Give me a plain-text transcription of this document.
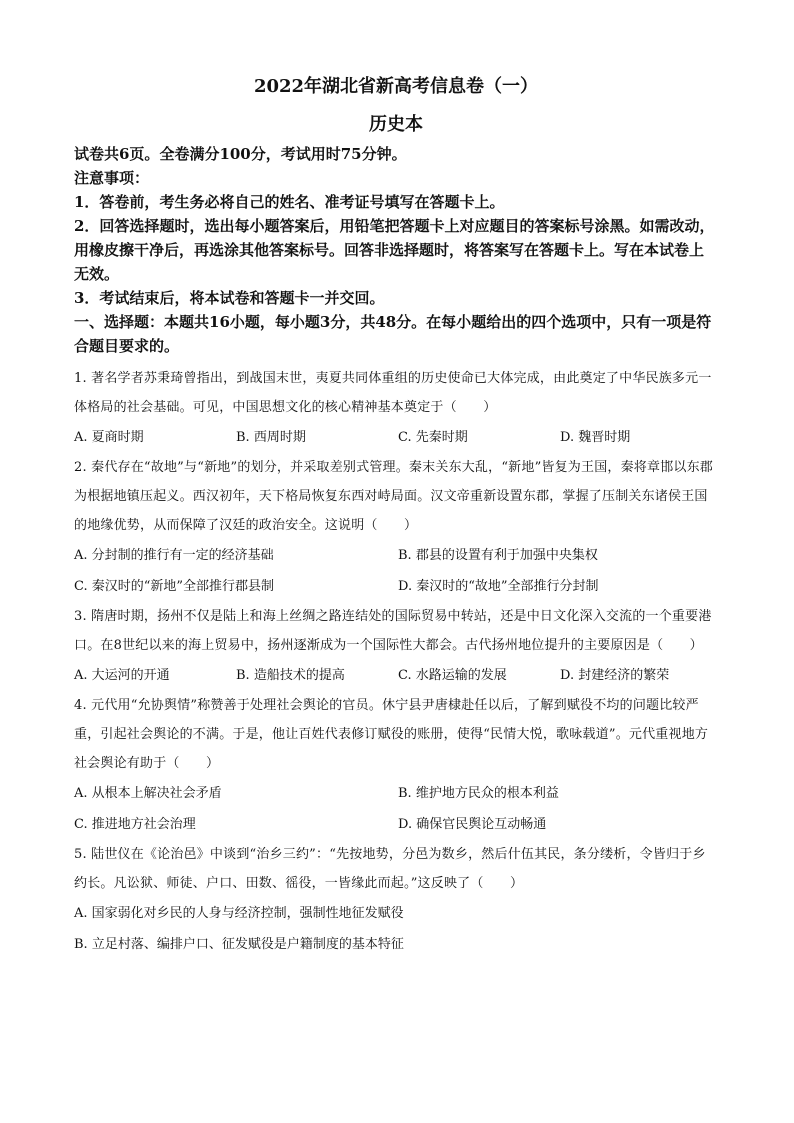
2022年湖北省新高考信息卷（一）
历史本

试卷共6页。全卷满分100分，考试用时75分钟。

注意事项：

1．答卷前，考生务必将自己的姓名、准考证号填写在答题卡上。

2．回答选择题时，选出每小题答案后，用铅笔把答题卡上对应题目的答案标号涂黑。如需改动，用橡皮擦干净后，再选涂其他答案标号。回答非选择题时，将答案写在答题卡上。写在本试卷上无效。

3．考试结束后，将本试卷和答题卡一并交回。

一、选择题：本题共16小题，每小题3分，共48分。在每小题给出的四个选项中，只有一项是符合题目要求的。

1. 著名学者苏秉琦曾指出，到战国末世，夷夏共同体重组的历史使命已大体完成，由此奠定了中华民族多元一体格局的社会基础。可见，中国思想文化的核心精神基本奠定于（　　）

A. 夏商时期	B. 西周时期	C. 先秦时期	D. 魏晋时期

2. 秦代存在“故地”与“新地”的划分，并采取差别式管理。秦末关东大乱，“新地”皆复为王国，秦将章邯以东郡为根据地镇压起义。西汉初年，天下格局恢复东西对峙局面。汉文帝重新设置东郡，掌握了压制关东诸侯王国的地缘优势，从而保障了汉廷的政治安全。这说明（　　）

A. 分封制的推行有一定的经济基础	B. 郡县的设置有利于加强中央集权
C. 秦汉时的“新地”全部推行郡县制	D. 秦汉时的“故地”全部推行分封制

3. 隋唐时期，扬州不仅是陆上和海上丝绸之路连结处的国际贸易中转站，还是中日文化深入交流的一个重要港口。在8世纪以来的海上贸易中，扬州逐渐成为一个国际性大都会。古代扬州地位提升的主要原因是（　　）

A. 大运河的开通	B. 造船技术的提高	C. 水路运输的发展	D. 封建经济的繁荣

4. 元代用“允协舆情”称赞善于处理社会舆论的官员。休宁县尹唐棣赴任以后，了解到赋役不均的问题比较严重，引起社会舆论的不满。于是，他让百姓代表修订赋役的账册，使得“民情大悦，歌咏载道”。元代重视地方社会舆论有助于（　　）

A. 从根本上解决社会矛盾	B. 维护地方民众的根本利益
C. 推进地方社会治理	D. 确保官民舆论互动畅通

5. 陆世仪在《论治邑》中谈到“治乡三约”：“先按地势，分邑为数乡，然后什伍其民，条分缕析，令皆归于乡约长。凡讼狱、师徒、户口、田数、徭役，一皆缘此而起。”这反映了（　　）

A. 国家弱化对乡民的人身与经济控制，强制性地征发赋役
B. 立足村落、编排户口、征发赋役是户籍制度的基本特征
